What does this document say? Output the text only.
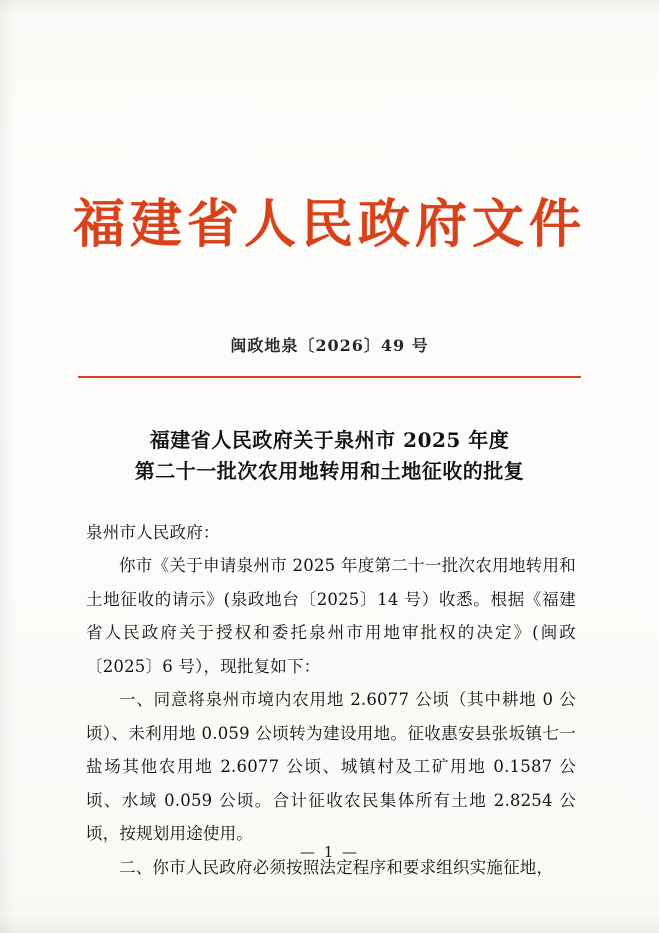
福建省人民政府文件
闽政地泉〔2026〕49 号
福建省人民政府关于泉州市 2025 年度
第二十一批次农用地转用和土地征收的批复

泉州市人民政府：

你市《关于申请泉州市 2025 年度第二十一批次农用地转用和土地征收的请示》(泉政地台〔2025〕14 号）收悉。根据《福建省人民政府关于授权和委托泉州市用地审批权的决定》(闽政〔2025〕6 号），现批复如下：

一、同意将泉州市境内农用地 2.6077 公顷（其中耕地 0 公顷）、未利用地 0.059 公顷转为建设用地。征收惠安县张坂镇七一盐场其他农用地 2.6077 公顷、城镇村及工矿用地 0.1587 公顷、水域 0.059 公顷。合计征收农民集体所有土地 2.8254 公顷，按规划用途使用。

二、你市人民政府必须按照法定程序和要求组织实施征地，

— 1 —
